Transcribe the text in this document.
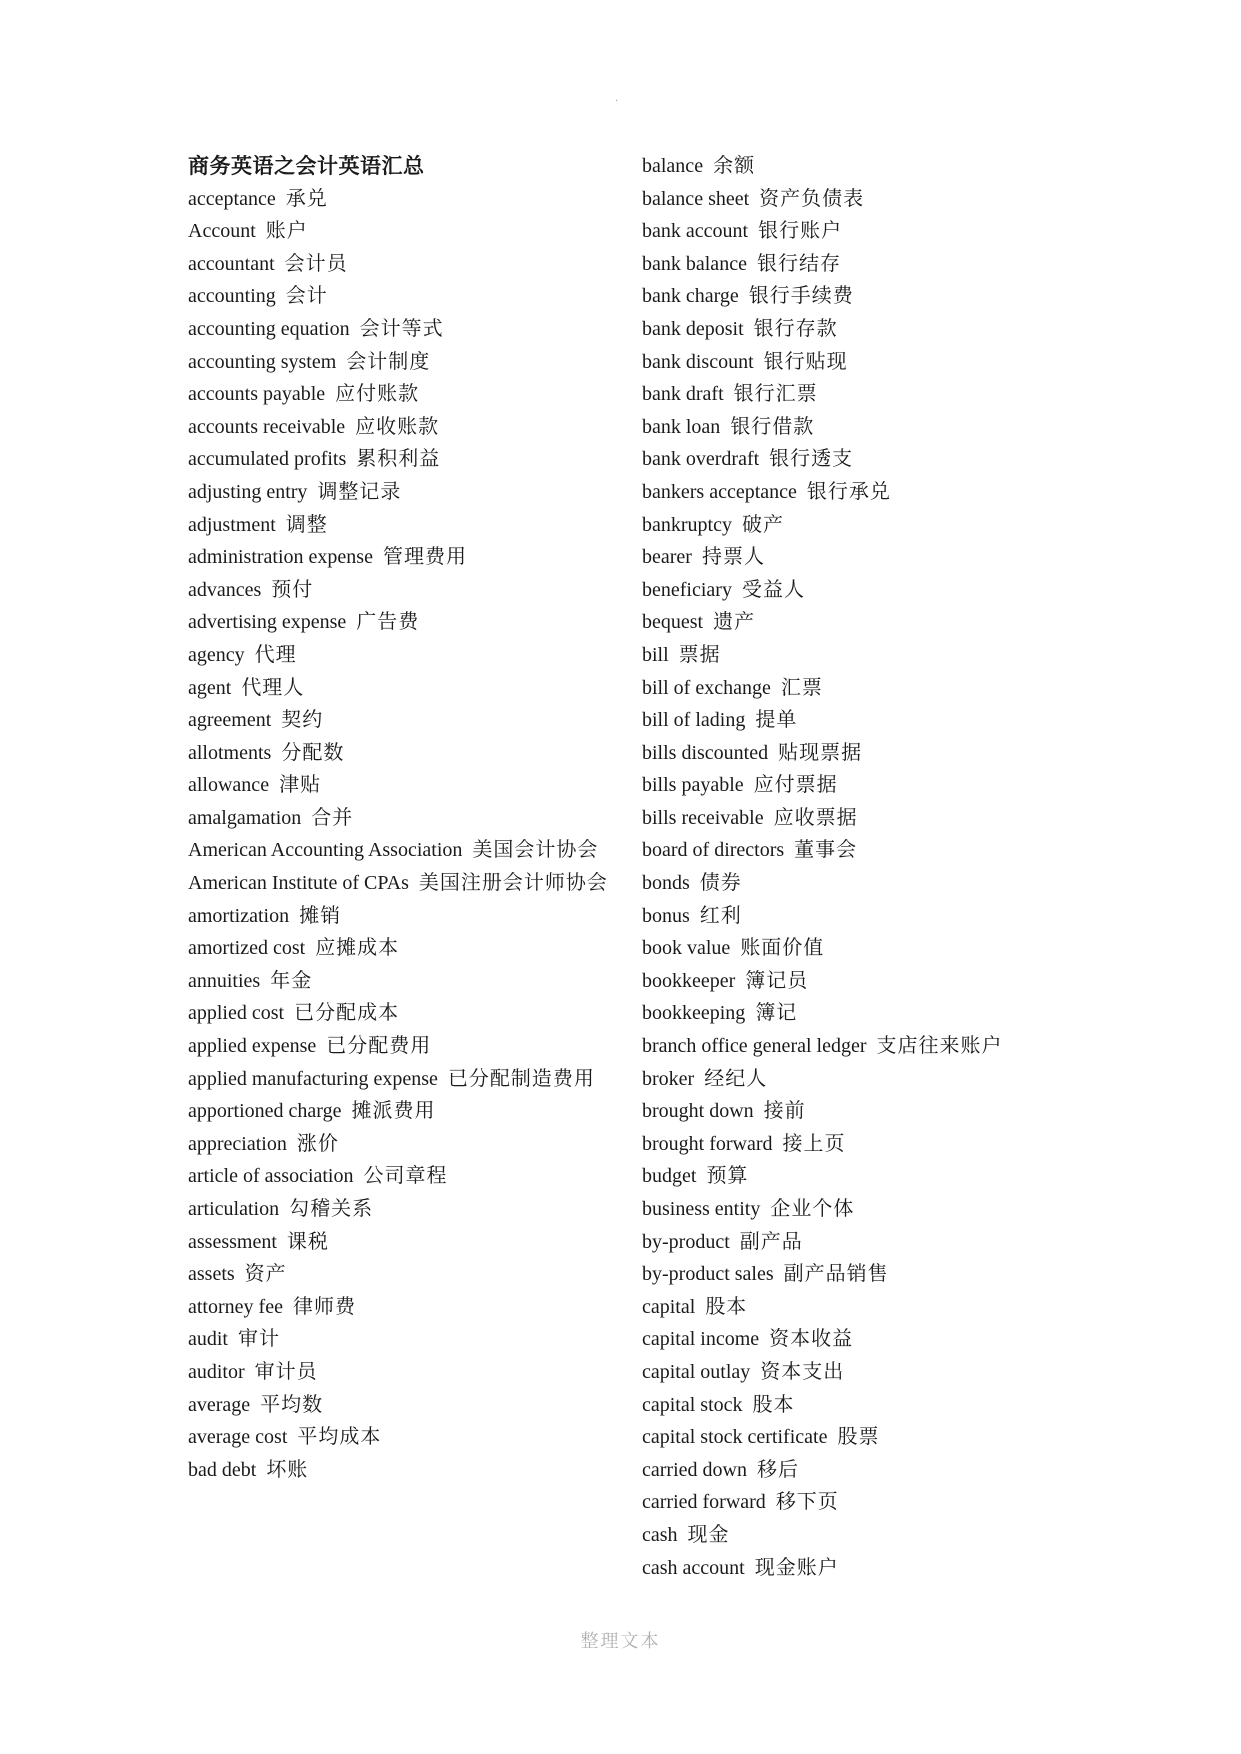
·

商务英语之会计英语汇总

acceptance 承兑

Account 账户

accountant 会计员

accounting 会计

accounting equation 会计等式

accounting system 会计制度

accounts payable 应付账款

accounts receivable 应收账款

accumulated profits 累积利益

adjusting entry 调整记录

adjustment 调整

administration expense 管理费用

advances 预付

advertising expense 广告费

agency 代理

agent 代理人

agreement 契约

allotments 分配数

allowance 津贴

amalgamation 合并

American Accounting Association 美国会计协会

American Institute of CPAs 美国注册会计师协会

amortization 摊销

amortized cost 应摊成本

annuities 年金

applied cost 已分配成本

applied expense 已分配费用

applied manufacturing expense 已分配制造费用

apportioned charge 摊派费用

appreciation 涨价

article of association 公司章程

articulation 勾稽关系

assessment 课税

assets 资产

attorney fee 律师费

audit 审计

auditor 审计员

average 平均数

average cost 平均成本

bad debt 坏账

balance 余额

balance sheet 资产负债表

bank account 银行账户

bank balance 银行结存

bank charge 银行手续费

bank deposit 银行存款

bank discount 银行贴现

bank draft 银行汇票

bank loan 银行借款

bank overdraft 银行透支

bankers acceptance 银行承兑

bankruptcy 破产

bearer 持票人

beneficiary 受益人

bequest 遗产

bill 票据

bill of exchange 汇票

bill of lading 提单

bills discounted 贴现票据

bills payable 应付票据

bills receivable 应收票据

board of directors 董事会

bonds 债券

bonus 红利

book value 账面价值

bookkeeper 簿记员

bookkeeping 簿记

branch office general ledger 支店往来账户

broker 经纪人

brought down 接前

brought forward 接上页

budget 预算

business entity 企业个体

by-product 副产品

by-product sales 副产品销售

capital 股本

capital income 资本收益

capital outlay 资本支出

capital stock 股本

capital stock certificate 股票

carried down 移后

carried forward 移下页

cash 现金

cash account 现金账户

整理文本
